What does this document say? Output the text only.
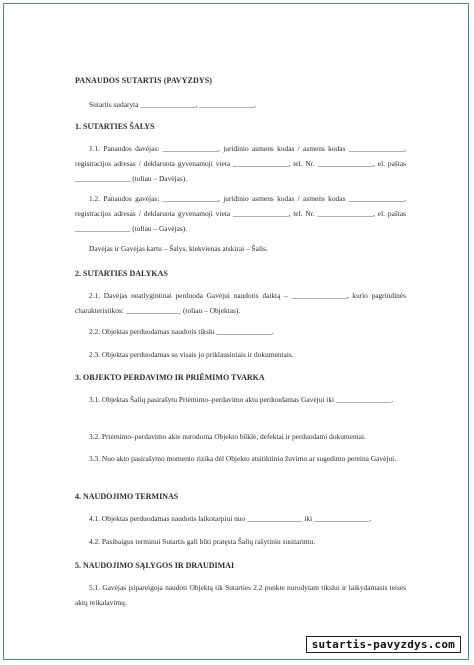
PANAUDOS SUTARTIS (PAVYZDYS)
Sutartis sudaryta _______________, _______________.
1. SUTARTIES ŠALYS
1.1. Panaudos davėjas: _______________, juridinio asmens kodas / asmens kodas _______________, registracijos adresas / deklaruota gyvenamoji vieta _______________, tel. Nr. _______________, el. paštas _______________ (toliau – Davėjas).
1.2. Panaudos gavėjas: _______________, juridinio asmens kodas / asmens kodas _______________, registracijos adresas / deklaruota gyvenamoji vieta _______________, tel. Nr. _______________, el. paštas _______________ (toliau – Gavėjas).
Davėjas ir Gavėjas kartu – Šalys, kiekvienas atskirai – Šalis.
2. SUTARTIES DALYKAS
2.1. Davėjas neatlygintinai perduoda Gavėjui naudotis daiktą – _______________, kurio pagrindinės charakteristikos: _______________ (toliau – Objektas).
2.2. Objektas perduodamas naudotis tikslu _______________.
2.3. Objektas perduodamas su visais jo priklausiniais ir dokumentais.
3. OBJEKTO PERDAVIMO IR PRIĖMIMO TVARKA
3.1. Objektas Šalių pasirašytu Priėmimo–perdavimo aktu perduodamas Gavėjui iki _______________.
3.2. Priėmimo–perdavimo akte nurodoma Objekto būklė, defektai ir perduodami dokumentai.
3.3. Nuo akto pasirašymo momento rizika dėl Objekto atsitiktinio žuvimo ar sugedimo pereina Gavėjui.
4. NAUDOJIMO TERMINAS
4.1. Objektas perduodamas naudotis laikotarpiui nuo _______________ iki _______________.
4.2. Pasibaigus terminui Sutartis gali būti pratęsta Šalių rašytiniu susitarimu.
5. NAUDOJIMO SĄLYGOS IR DRAUDIMAI
5.1. Gavėjas įsipareigoja naudoti Objektą tik Sutarties 2.2 punkte nurodytam tikslui ir laikydamasis teisės aktų reikalavimų.
sutartis-pavyzdys.com
